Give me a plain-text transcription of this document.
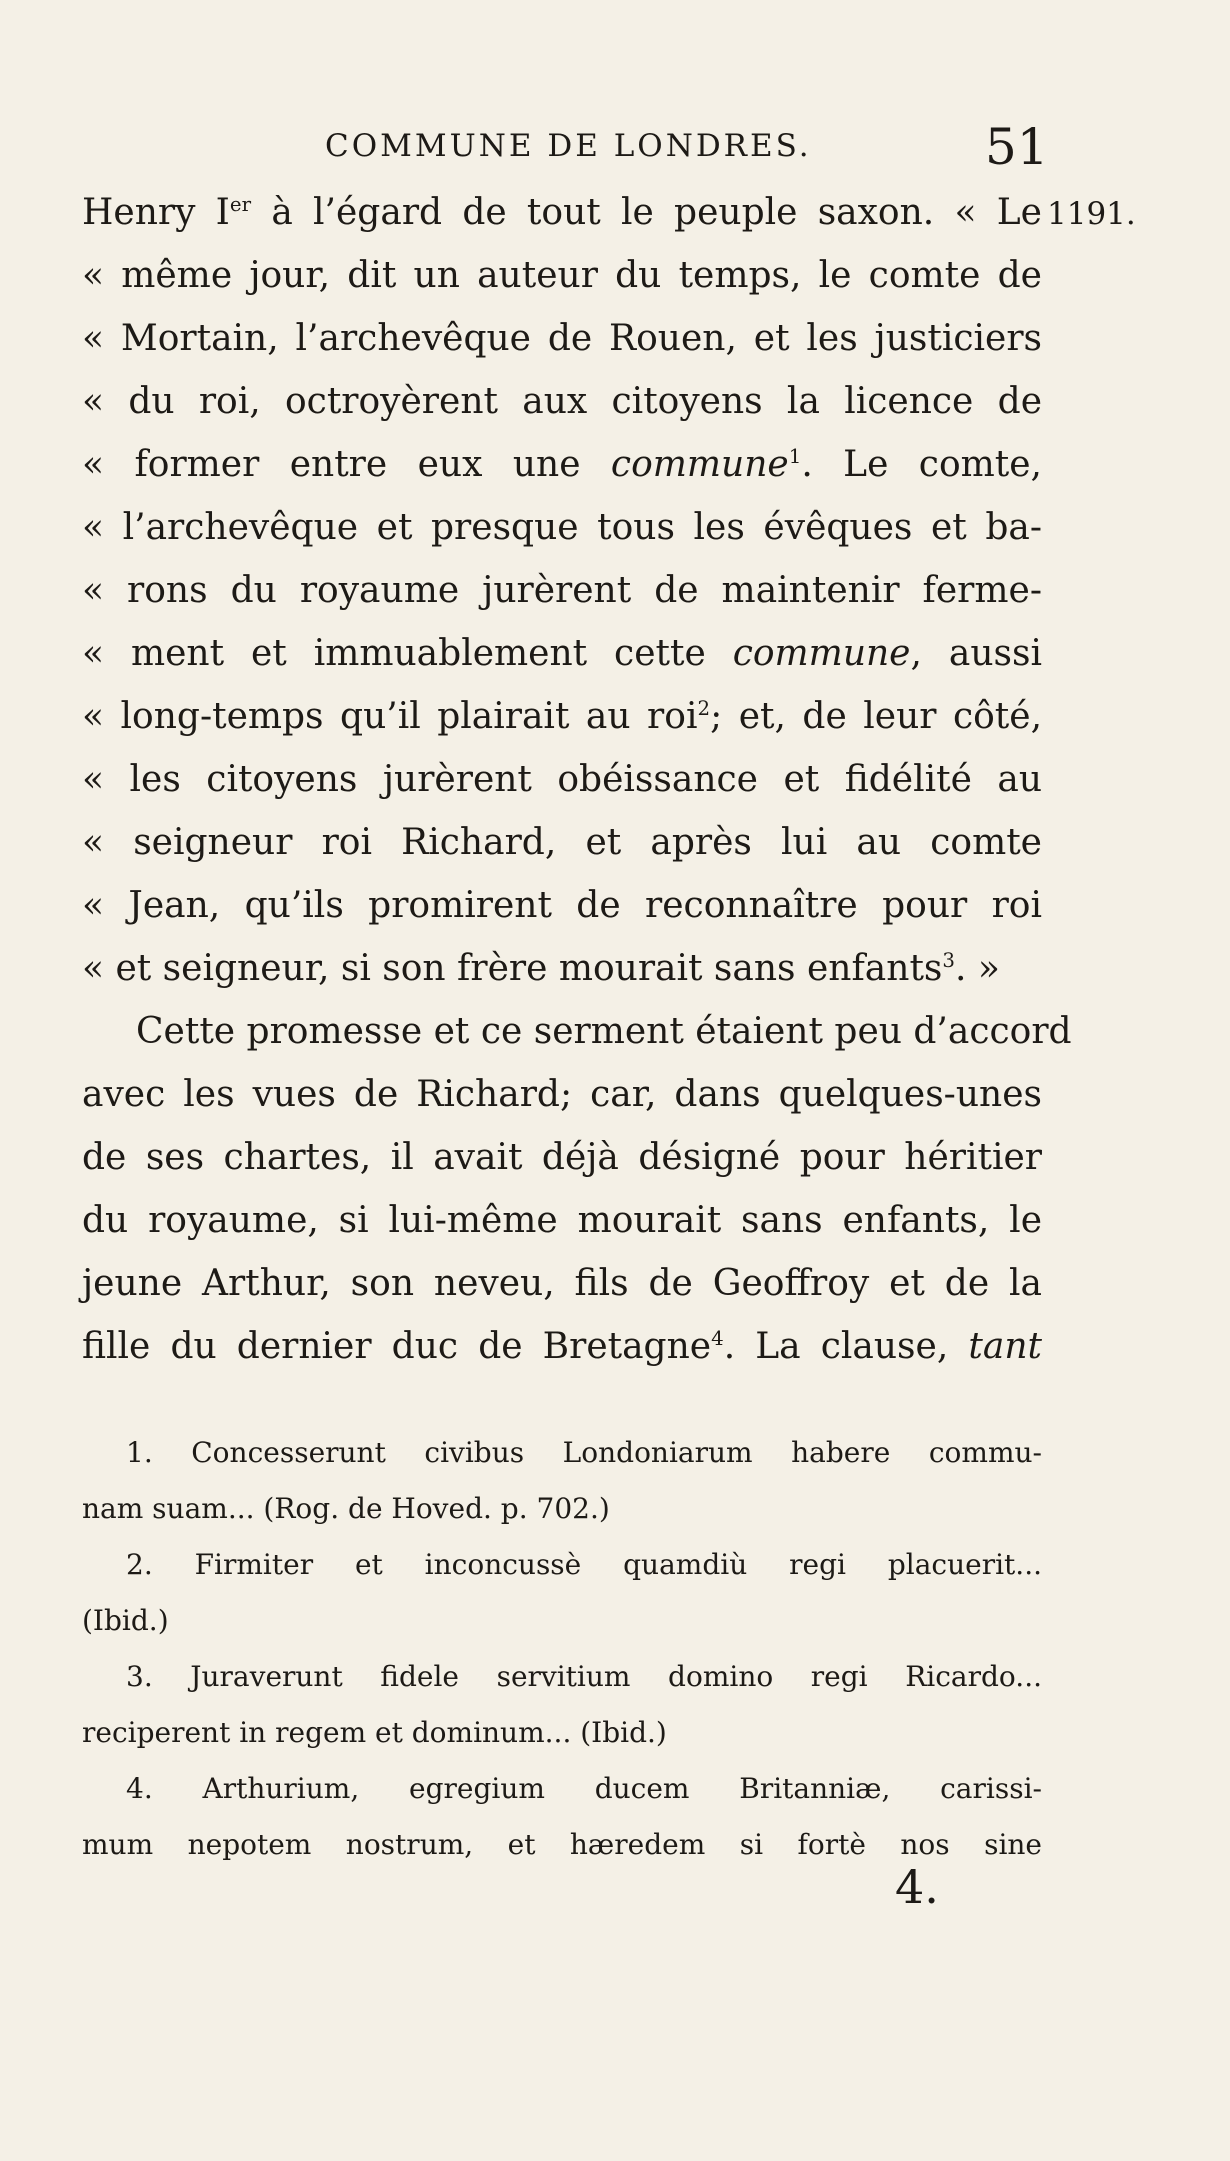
COMMUNE DE LONDRES.	51
1191.
Henry Ier à l’égard de tout le peuple saxon. « Le
« même jour, dit un auteur du temps, le comte de
« Mortain, l’archevêque de Rouen, et les justiciers
« du roi, octroyèrent aux citoyens la licence de
« former entre eux une commune$^1$. Le comte,
« l’archevêque et presque tous les évêques et ba-
« rons du royaume jurèrent de maintenir ferme-
« ment et immuablement cette commune, aussi
« long-temps qu’il plairait au roi$^2$; et, de leur côté,
« les citoyens jurèrent obéissance et fidélité au
« seigneur roi Richard, et après lui au comte
« Jean, qu’ils promirent de reconnaître pour roi
« et seigneur, si son frère mourait sans enfants$^3$. »
Cette promesse et ce serment étaient peu d’accord
avec les vues de Richard; car, dans quelques-unes
de ses chartes, il avait déjà désigné pour héritier
du royaume, si lui-même mourait sans enfants, le
jeune Arthur, son neveu, fils de Geoffroy et de la
fille du dernier duc de Bretagne$^4$. La clause, tant
1. Concesserunt civibus Londoniarum habere commu-
nam suam... (Rog. de Hoved. p. 702.)
2. Firmiter et inconcussè quamdiù regi placuerit...
(Ibid.)
3. Juraverunt fidele servitium domino regi Ricardo...
reciperent in regem et dominum... (Ibid.)
4. Arthurium, egregium ducem Britanniæ, carissi-
mum nepotem nostrum, et hæredem si fortè nos sine
4.
